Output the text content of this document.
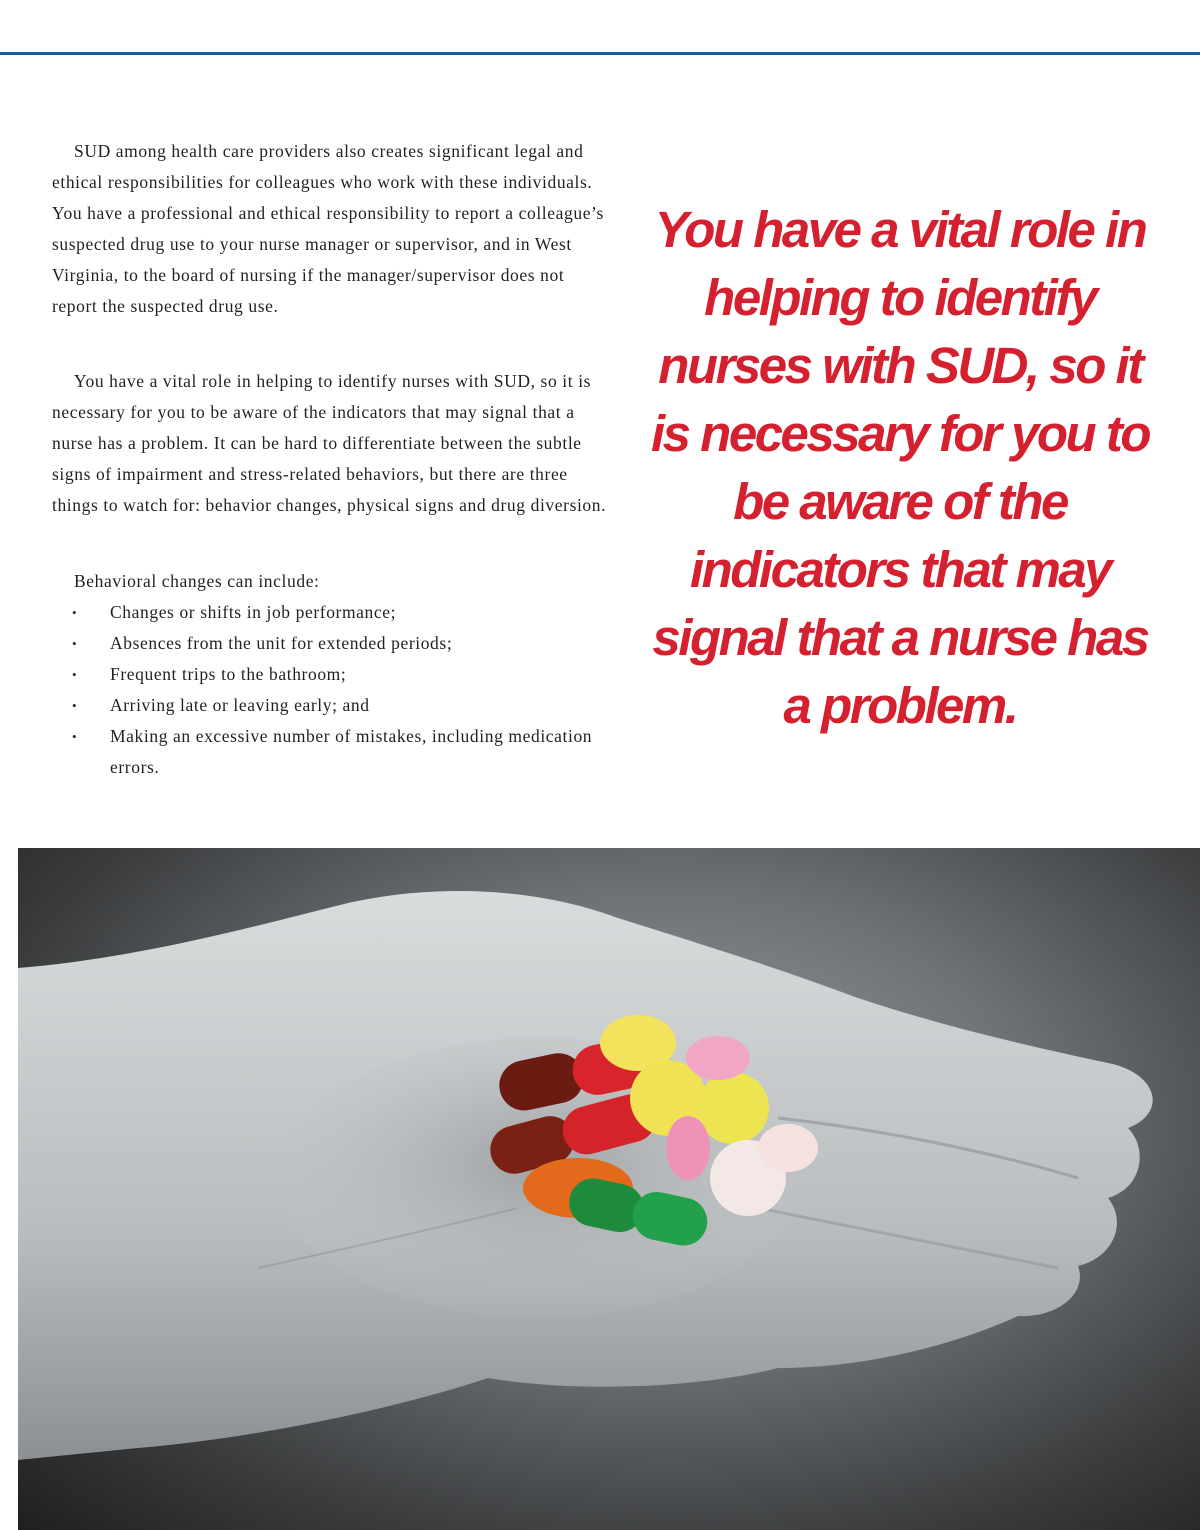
SUD among health care providers also creates significant legal and ethical responsibilities for colleagues who work with these individuals. You have a professional and ethical responsibility to report a colleague’s suspected drug use to your nurse manager or supervisor, and in West Virginia, to the board of nursing if the manager/supervisor does not report the suspected drug use.

You have a vital role in helping to identify nurses with SUD, so it is necessary for you to be aware of the indicators that may signal that a nurse has a problem. It can be hard to differentiate between the subtle signs of impairment and stress-related behaviors, but there are three things to watch for: behavior changes, physical signs and drug diversion.

Behavioral changes can include:
• Changes or shifts in job performance;
• Absences from the unit for extended periods;
• Frequent trips to the bathroom;
• Arriving late or leaving early; and
• Making an excessive number of mistakes, including medication errors.

You have a vital role in helping to identify nurses with SUD, so it is necessary for you to be aware of the indicators that may signal that a nurse has a problem.
